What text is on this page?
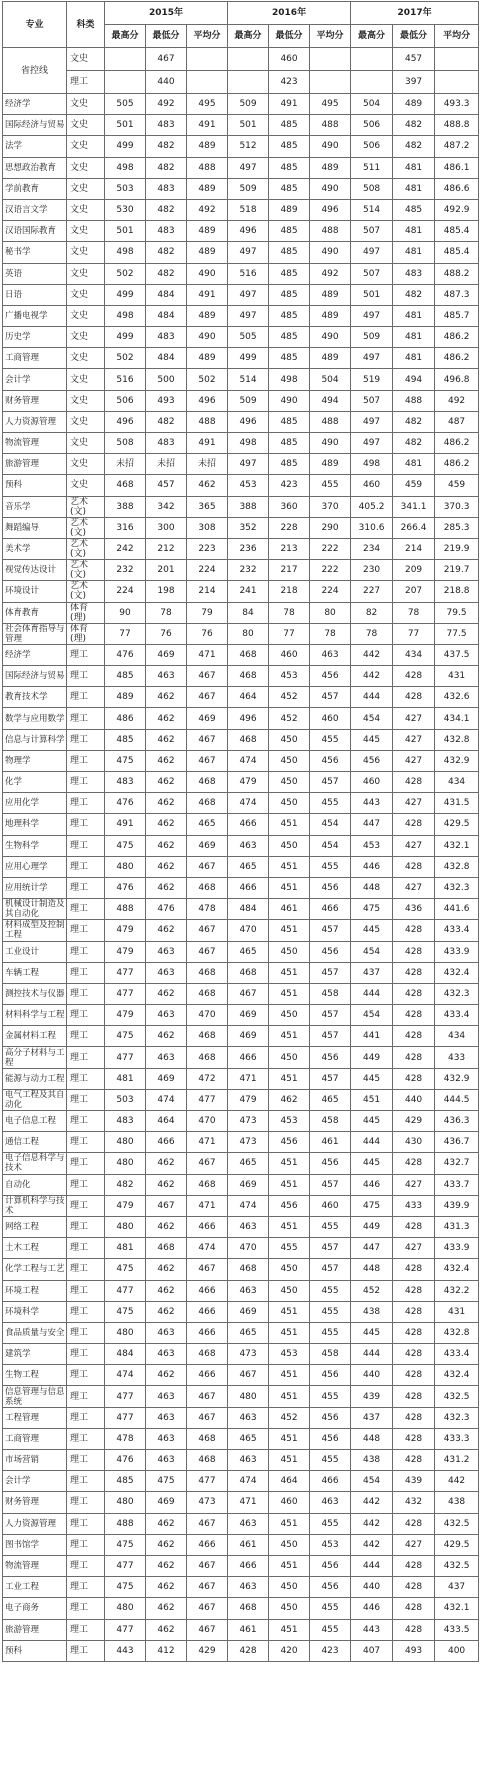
专业	科类	2015年			2016年			2017年		
		最高分	最低分	平均分	最高分	最低分	平均分	最高分	最低分	平均分
省控线	文史		467			460			457	
	理工		440			423			397	
经济学	文史	505	492	495	509	491	495	504	489	493.3
国际经济与贸易	文史	501	483	491	501	485	488	506	482	488.8
法学	文史	499	482	489	512	485	490	506	482	487.2
思想政治教育	文史	498	482	488	497	485	489	511	481	486.1
学前教育	文史	503	483	489	509	485	490	508	481	486.6
汉语言文学	文史	530	482	492	518	489	496	514	485	492.9
汉语国际教育	文史	501	483	489	496	485	488	507	481	485.4
秘书学	文史	498	482	489	497	485	490	497	481	485.4
英语	文史	502	482	490	516	485	492	507	483	488.2
日语	文史	499	484	491	497	485	489	501	482	487.3
广播电视学	文史	498	484	489	497	485	489	497	481	485.7
历史学	文史	499	483	490	505	485	490	509	481	486.2
工商管理	文史	502	484	489	499	485	489	497	481	486.2
会计学	文史	516	500	502	514	498	504	519	494	496.8
财务管理	文史	506	493	496	509	490	494	507	488	492
人力资源管理	文史	496	482	488	496	485	488	497	482	487
物流管理	文史	508	483	491	498	485	490	497	482	486.2
旅游管理	文史	未招	未招	未招	497	485	489	498	481	486.2
预科	文史	468	457	462	453	423	455	460	459	459
音乐学	艺术(文)	388	342	365	388	360	370	405.2	341.1	370.3
舞蹈编导	艺术(文)	316	300	308	352	228	290	310.6	266.4	285.3
美术学	艺术(文)	242	212	223	236	213	222	234	214	219.9
视觉传达设计	艺术(文)	232	201	224	232	217	222	230	209	219.7
环境设计	艺术(文)	224	198	214	241	218	224	227	207	218.8
体育教育	体育(理)	90	78	79	84	78	80	82	78	79.5
社会体育指导与管理	体育(理)	77	76	76	80	77	78	78	77	77.5
经济学	理工	476	469	471	468	460	463	442	434	437.5
国际经济与贸易	理工	485	463	467	468	453	456	442	428	431
教育技术学	理工	489	462	467	464	452	457	444	428	432.6
数学与应用数学	理工	486	462	469	496	452	460	454	427	434.1
信息与计算科学	理工	485	462	467	468	450	455	445	427	432.8
物理学	理工	475	462	467	474	450	456	456	427	432.9
化学	理工	483	462	468	479	450	457	460	428	434
应用化学	理工	476	462	468	474	450	455	443	427	431.5
地理科学	理工	491	462	465	466	451	454	447	428	429.5
生物科学	理工	475	462	469	463	450	454	453	427	432.1
应用心理学	理工	480	462	467	465	451	455	446	428	432.8
应用统计学	理工	476	462	468	466	451	456	448	427	432.3
机械设计制造及其自动化	理工	488	476	478	484	461	466	475	436	441.6
材料成型及控制工程	理工	479	462	467	470	451	457	445	428	433.4
工业设计	理工	479	463	467	465	450	456	454	428	433.9
车辆工程	理工	477	463	468	468	451	457	437	428	432.4
测控技术与仪器	理工	477	462	468	467	451	458	444	428	432.3
材料科学与工程	理工	479	463	470	469	450	457	454	428	433.4
金属材料工程	理工	475	462	468	469	451	457	441	428	434
高分子材料与工程	理工	477	463	468	466	450	456	449	428	433
能源与动力工程	理工	481	469	472	471	451	457	445	428	432.9
电气工程及其自动化	理工	503	474	477	479	462	465	451	440	444.5
电子信息工程	理工	483	464	470	473	453	458	445	429	436.3
通信工程	理工	480	466	471	473	456	461	444	430	436.7
电子信息科学与技术	理工	480	462	467	465	451	456	445	428	432.7
自动化	理工	482	462	468	469	451	457	446	427	433.7
计算机科学与技术	理工	479	467	471	474	456	460	475	433	439.9
网络工程	理工	480	462	466	463	451	455	449	428	431.3
土木工程	理工	481	468	474	470	455	457	447	427	433.9
化学工程与工艺	理工	475	462	467	468	450	457	448	428	432.4
环境工程	理工	477	462	466	463	450	455	452	428	432.2
环境科学	理工	475	462	466	469	451	455	438	428	431
食品质量与安全	理工	480	463	466	465	451	455	445	428	432.8
建筑学	理工	484	463	468	473	453	458	444	428	433.4
生物工程	理工	474	462	466	467	451	456	440	428	432.4
信息管理与信息系统	理工	477	463	467	480	451	455	439	428	432.5
工程管理	理工	477	463	467	463	452	456	437	428	432.3
工商管理	理工	478	463	468	465	451	456	448	428	433.3
市场营销	理工	476	463	468	463	451	455	438	428	431.2
会计学	理工	485	475	477	474	464	466	454	439	442
财务管理	理工	480	469	473	471	460	463	442	432	438
人力资源管理	理工	488	462	467	463	451	455	442	428	432.5
图书馆学	理工	475	462	466	461	450	453	442	427	429.5
物流管理	理工	477	462	467	466	451	456	444	428	432.5
工业工程	理工	475	462	467	463	450	456	440	428	437
电子商务	理工	480	462	467	468	450	455	446	428	432.1
旅游管理	理工	477	462	467	461	451	455	443	428	433.5
预科	理工	443	412	429	428	420	423	407	493	400
